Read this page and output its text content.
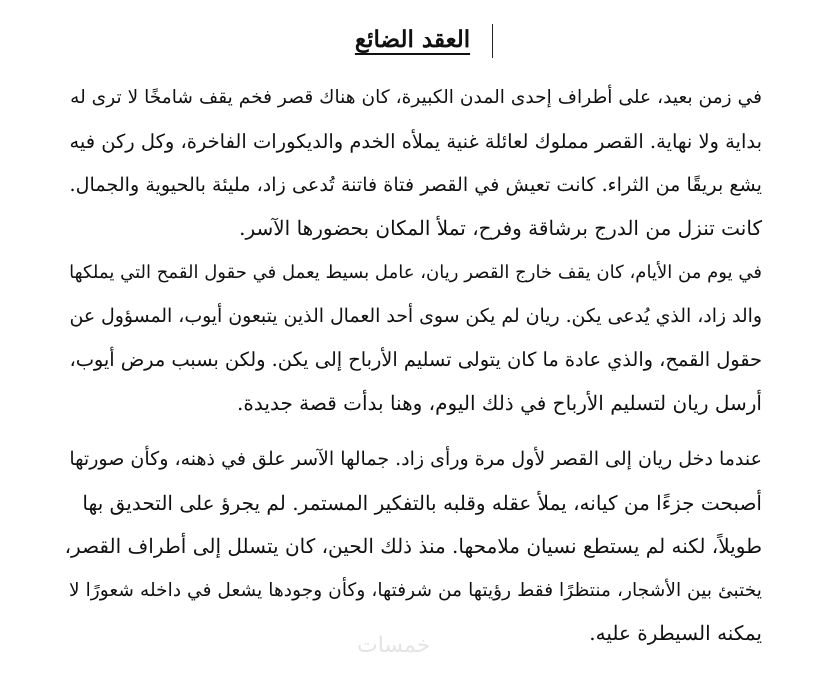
العقد الضائع
في زمن بعيد، على أطراف إحدى المدن الكبيرة، كان هناك قصر فخم يقف شامخًا لا ترى له
بداية ولا نهاية. القصر مملوك لعائلة غنية يملأه الخدم والديكورات الفاخرة، وكل ركن فيه
يشع بريقًا من الثراء. كانت تعيش في القصر فتاة فاتنة تُدعى زاد، مليئة بالحيوية والجمال.
كانت تنزل من الدرج برشاقة وفرح، تملأ المكان بحضورها الآسر.
في يوم من الأيام، كان يقف خارج القصر ريان، عامل بسيط يعمل في حقول القمح التي يملكها
والد زاد، الذي يُدعى يكن. ريان لم يكن سوى أحد العمال الذين يتبعون أيوب، المسؤول عن
حقول القمح، والذي عادة ما كان يتولى تسليم الأرباح إلى يكن. ولكن بسبب مرض أيوب،
أرسل ريان لتسليم الأرباح في ذلك اليوم، وهنا بدأت قصة جديدة.
عندما دخل ريان إلى القصر لأول مرة ورأى زاد. جمالها الآسر علق في ذهنه، وكأن صورتها
أصبحت جزءًا من كيانه، يملأ عقله وقلبه بالتفكير المستمر. لم يجرؤ على التحديق بها
طويلاً، لكنه لم يستطع نسيان ملامحها. منذ ذلك الحين، كان يتسلل إلى أطراف القصر،
يختبئ بين الأشجار، منتظرًا فقط رؤيتها من شرفتها، وكأن وجودها يشعل في داخله شعورًا لا
يمكنه السيطرة عليه.
خمسات
